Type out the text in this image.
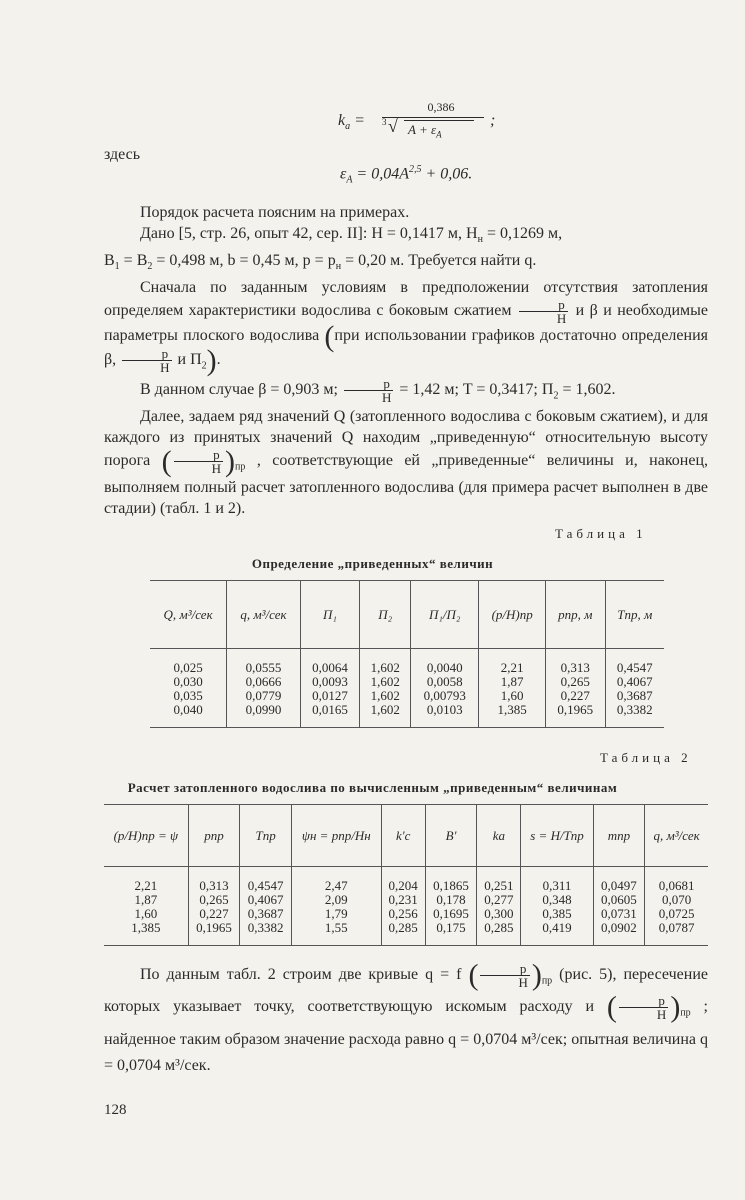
$k_a$ =
0,386
3 √ $A + \varepsilon_A$
;
здесь
$\varepsilon_A = 0,04A^{2,5} + 0,06$.
Порядок расчета поясним на примерах.
Дано [5, стр. 26, опыт 42, сер. II]: H = 0,1417 м, $H_н = 0,1269$ м,
$B_1 = B_2 = 0,498$ м, b = 0,45 м, $p = p_н = 0,20$ м. Требуется найти q.
Сначала по заданным условиям в предположении отсутствия затопления определяем характеристики водослива с боковым сжатием $\frac{p}{H}$ и β и необходимые параметры плоского водослива (при использовании графиков достаточно определения β, $\frac{p}{H}$ и $П_2$).
В данном случае β = 0,903 м; $\frac{p}{H} = 1,42$ м; T = 0,3417; $П_2 = 1,602$.
Далее, задаем ряд значений Q (затопленного водослива с боковым сжатием), и для каждого из принятых значений Q находим „приведенную“ относительную высоту порога ( $\frac{p}{H} )_{пр}$ , соответствующие ей „приведенные“ величины и, наконец, выполняем полный расчет затопленного водослива (для примера расчет выполнен в две стадии) (табл. 1 и 2).
Таблица 1
Определение „приведенных“ величин
Q, м³/сек	q, м³/сек	П₁	П₂	П₁/П₂	(p/H)пр	pпр, м	Tпр, м
0,025	0,0555	0,0064	1,602	0,0040	2,21	0,313	0,4547
0,030	0,0666	0,0093	1,602	0,0058	1,87	0,265	0,4067
0,035	0,0779	0,0127	1,602	0,00793	1,60	0,227	0,3687
0,040	0,0990	0,0165	1,602	0,0103	1,385	0,1965	0,3382
Таблица 2
Расчет затопленного водослива по вычисленным „приведенным“ величинам
(p/H)пр = ψ	pпр	Tпр	ψн = pпр/Hн	k'c	B'	ka	s = H/Tпр	mпр	q, м³/сек
2,21	0,313	0,4547	2,47	0,204	0,1865	0,251	0,311	0,0497	0,0681
1,87	0,265	0,4067	2,09	0,231	0,178	0,277	0,348	0,0605	0,070
1,60	0,227	0,3687	1,79	0,256	0,1695	0,300	0,385	0,0731	0,0725
1,385	0,1965	0,3382	1,55	0,285	0,175	0,285	0,419	0,0902	0,0787
По данным табл. 2 строим две кривые q = f ( $\frac{p}{H} )_{пр}$ (рис. 5), пересечение которых указывает точку, соответствующую искомым расходу и ( $\frac{p}{H} )_{пр}$ ; найденное таким образом значение расхода равно q = 0,0704 м³/сек; опытная величина q = 0,0704 м³/сек.
128
